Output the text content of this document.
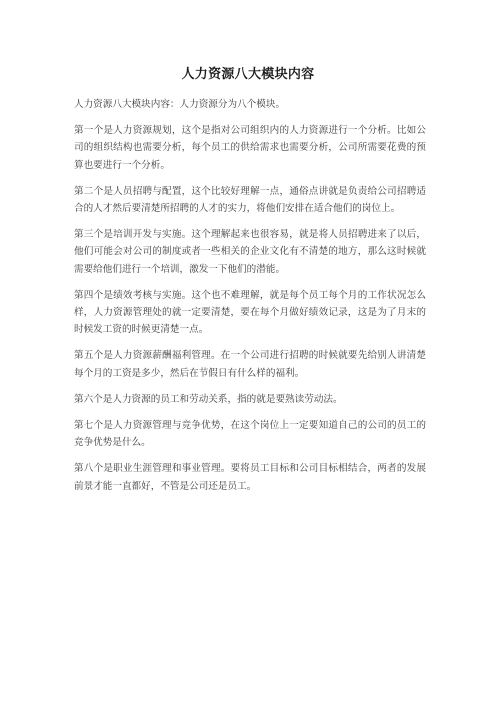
人力资源八大模块内容

人力资源八大模块内容：人力资源分为八个模块。

第一个是人力资源规划，这个是指对公司组织内的人力资源进行一个分析。比如公司的组织结构也需要分析，每个员工的供给需求也需要分析，公司所需要花费的预算也要进行一个分析。

第二个是人员招聘与配置，这个比较好理解一点，通俗点讲就是负责给公司招聘适合的人才然后要清楚所招聘的人才的实力，将他们安排在适合他们的岗位上。

第三个是培训开发与实施。这个理解起来也很容易，就是将人员招聘进来了以后，他们可能会对公司的制度或者一些相关的企业文化有不清楚的地方，那么这时候就需要给他们进行一个培训，激发一下他们的潜能。

第四个是绩效考核与实施。这个也不难理解，就是每个员工每个月的工作状况怎么样，人力资源管理处的就一定要清楚，要在每个月做好绩效记录，这是为了月末的时候发工资的时候更清楚一点。

第五个是人力资源薪酬福利管理。在一个公司进行招聘的时候就要先给别人讲清楚每个月的工资是多少，然后在节假日有什么样的福利。

第六个是人力资源的员工和劳动关系，指的就是要熟读劳动法。

第七个是人力资源管理与竞争优势，在这个岗位上一定要知道自己的公司的员工的竞争优势是什么。

第八个是职业生涯管理和事业管理。要将员工目标和公司目标相结合，两者的发展前景才能一直都好，不管是公司还是员工。
